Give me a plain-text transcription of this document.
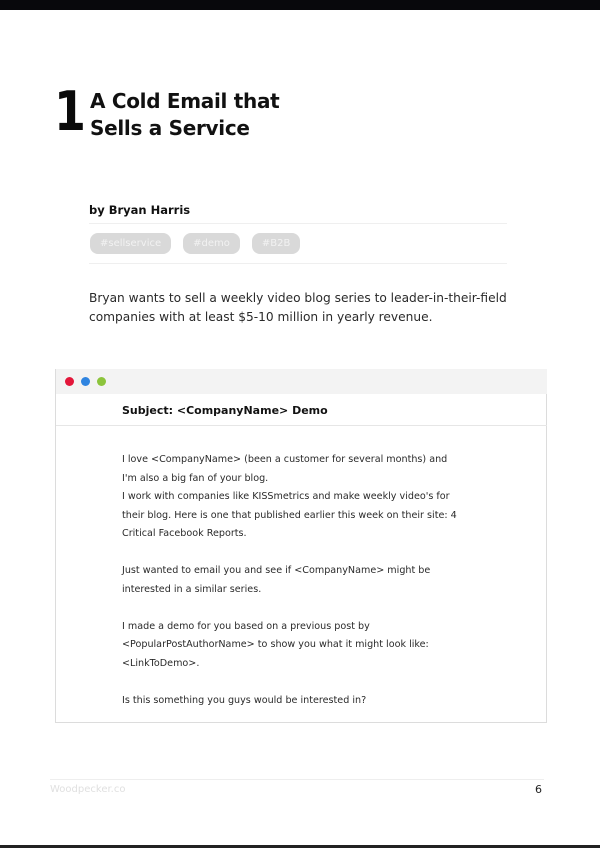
1 A Cold Email that
Sells a Service
by Bryan Harris
#sellservice	#demo	#B2B
Bryan wants to sell a weekly video blog series to leader-in-their-field
companies with at least $5-10 million in yearly revenue.
Subject: <CompanyName> Demo

I love <CompanyName> (been a customer for several months) and
I'm also a big fan of your blog.
I work with companies like KISSmetrics and make weekly video's for
their blog. Here is one that published earlier this week on their site: 4
Critical Facebook Reports.

Just wanted to email you and see if <CompanyName> might be
interested in a similar series.

I made a demo for you based on a previous post by
<PopularPostAuthorName> to show you what it might look like:
<LinkToDemo>.

Is this something you guys would be interested in?

Woodpecker.co	6
